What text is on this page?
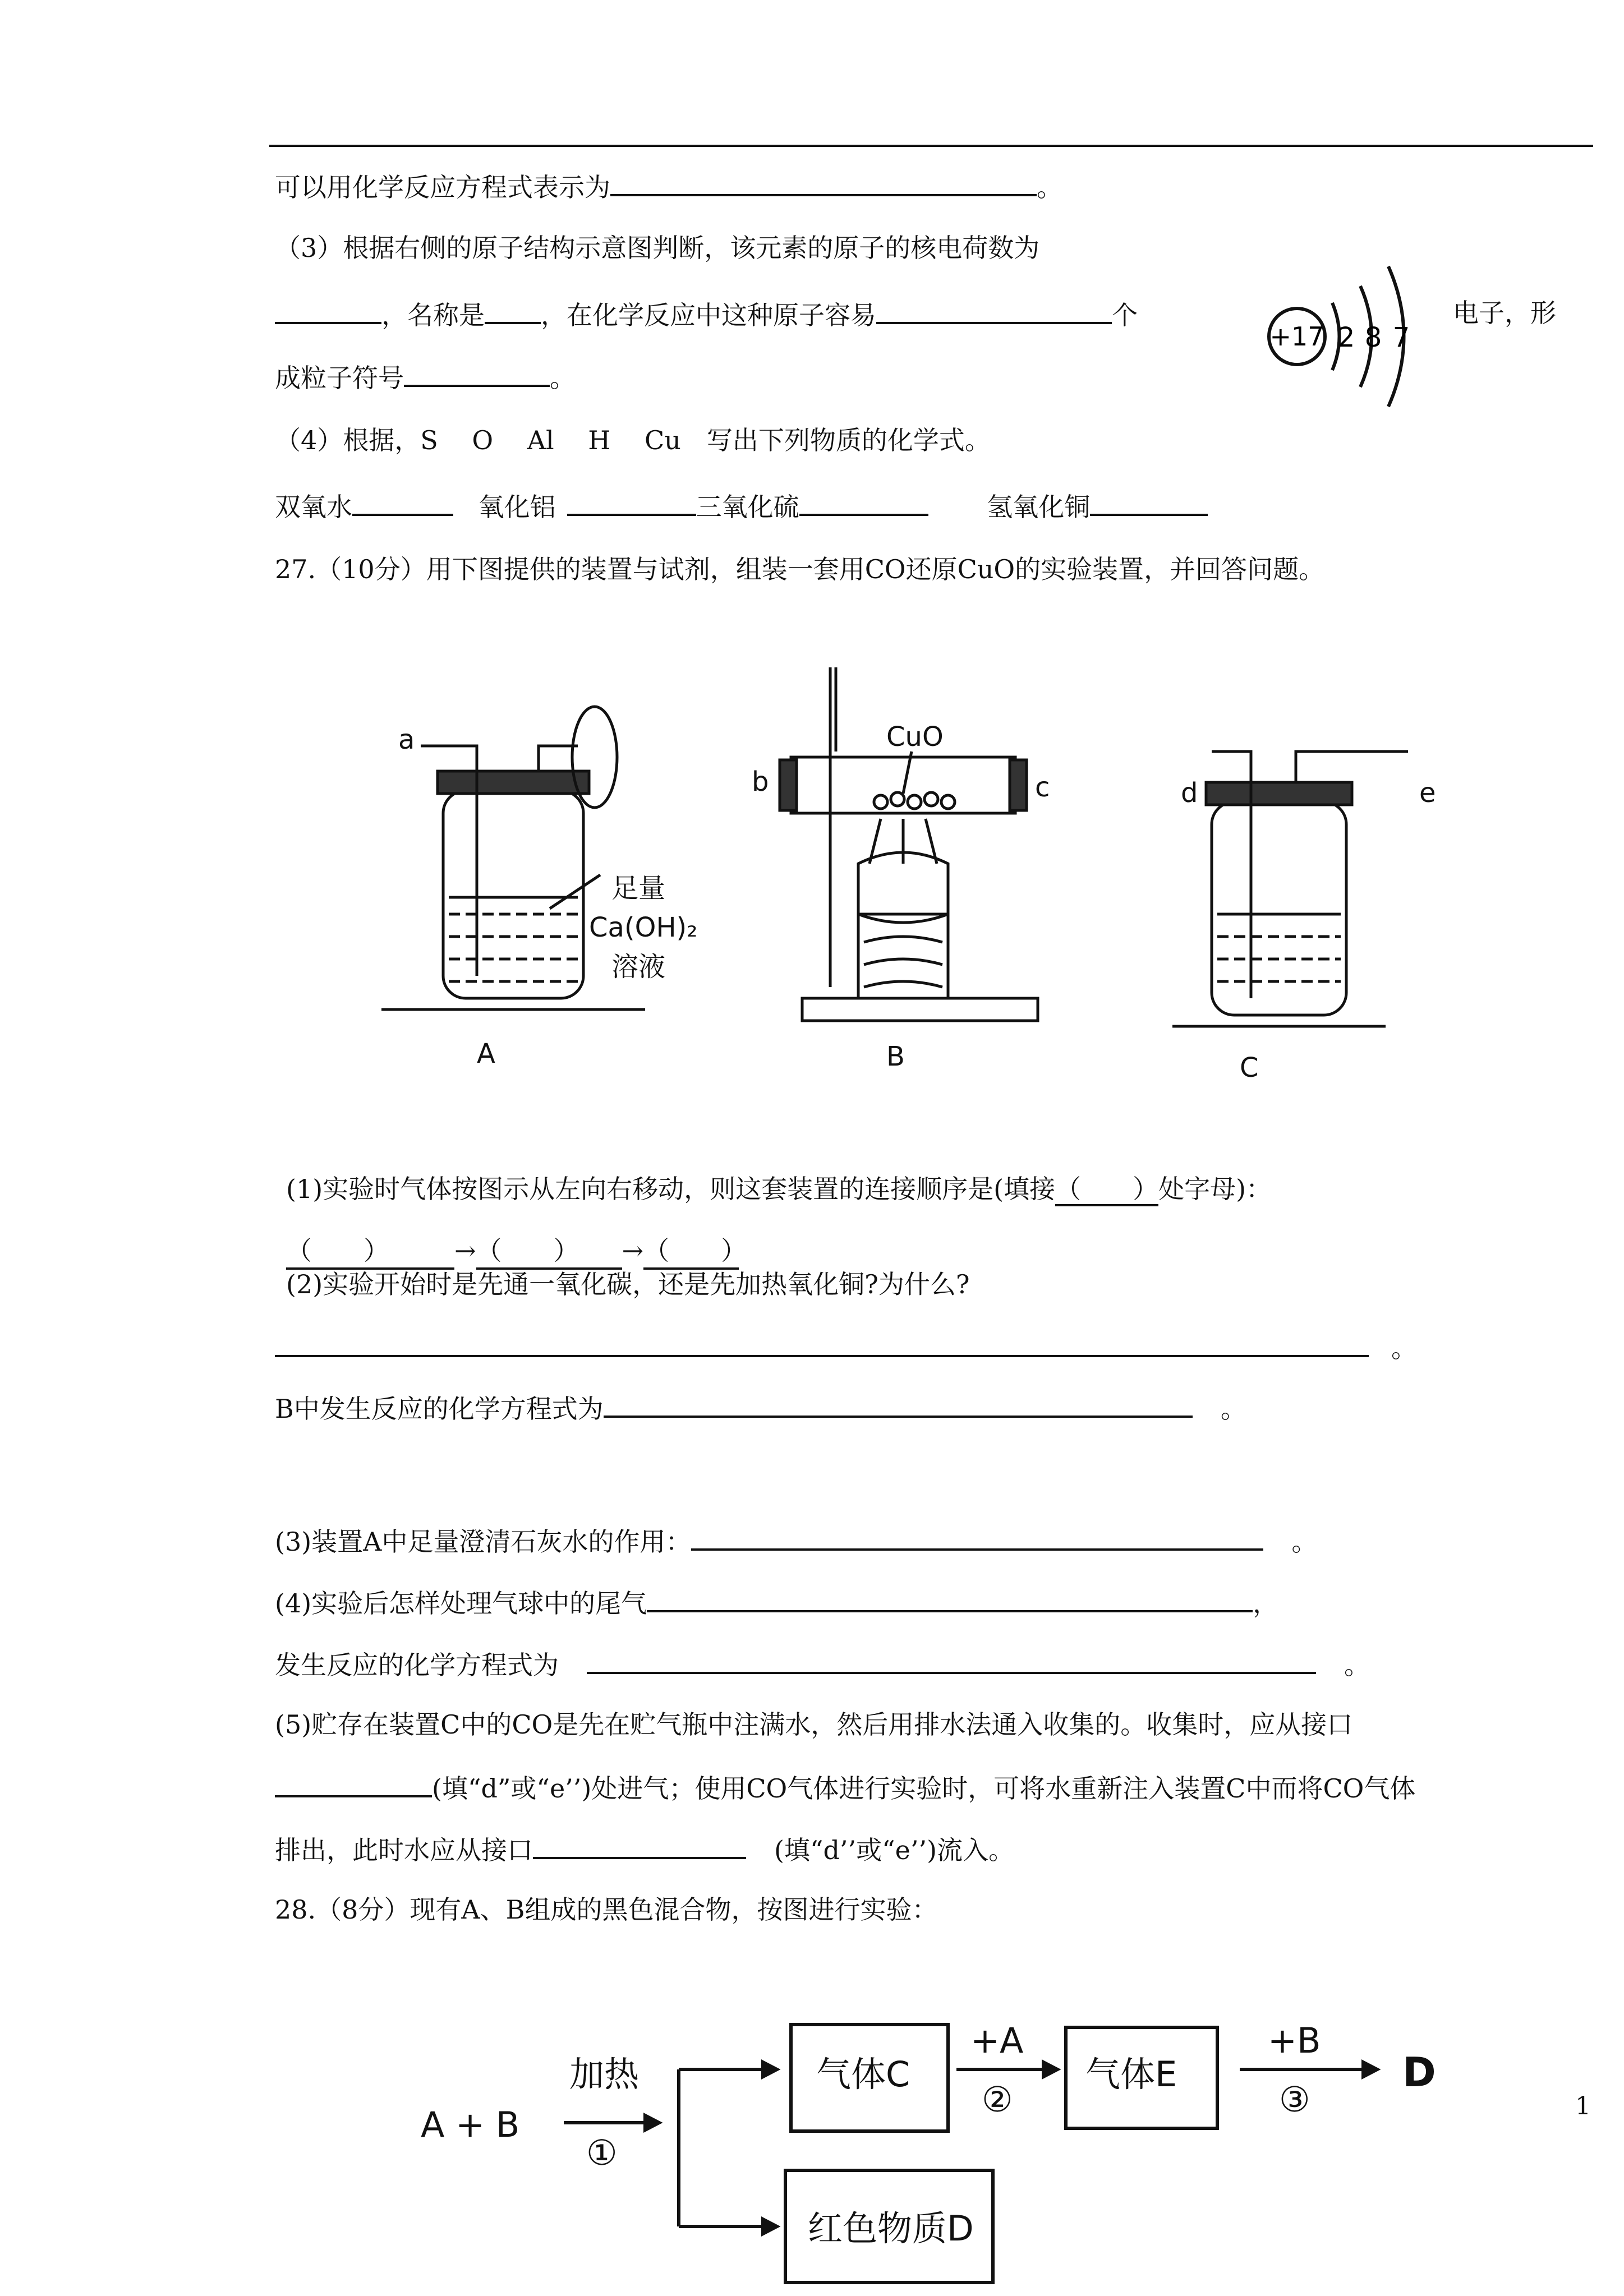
可以用化学反应方程式表示为	。
（3）根据右侧的原子结构示意图判断，该元素的原子的核电荷数为
，名称是 ，在化学反应中这种原子容易	个	电子，形
成粒子符号	。
+17 2 8 7
（4）根据，S　 O　 Al　 H　 Cu　写出下列物质的化学式。
双氧水	氧化铝	三氧化硫	氢氧化铜
27.（10分）用下图提供的装置与试剂，组装一套用CO还原CuO的实验装置，并回答问题。
a
b	c	d	e
CuO
足量
Ca(OH)₂
溶液
A	B	C
(1)实验时气体按图示从左向右移动，则这套装置的连接顺序是(填接（　　）处字母)：
（　　）	→（　　） →（　　）
(2)实验开始时是先通一氧化碳，还是先加热氧化铜?为什么?
。
B中发生反应的化学方程式为	。
(3)装置A中足量澄清石灰水的作用：	。
(4)实验后怎样处理气球中的尾气	，
发生反应的化学方程式为	。
(5)贮存在装置C中的CO是先在贮气瓶中注满水，然后用排水法通入收集的。收集时，应从接口
(填“d”或“e’’)处进气；使用CO气体进行实验时，可将水重新注入装置C中而将CO气体
排出，此时水应从接口	(填“d’’或“e’’)流入。
28.（8分）现有A、B组成的黑色混合物，按图进行实验：
A + B
加热
①
气体C
+A
②
气体E
+B
③
D
红色物质D
1
